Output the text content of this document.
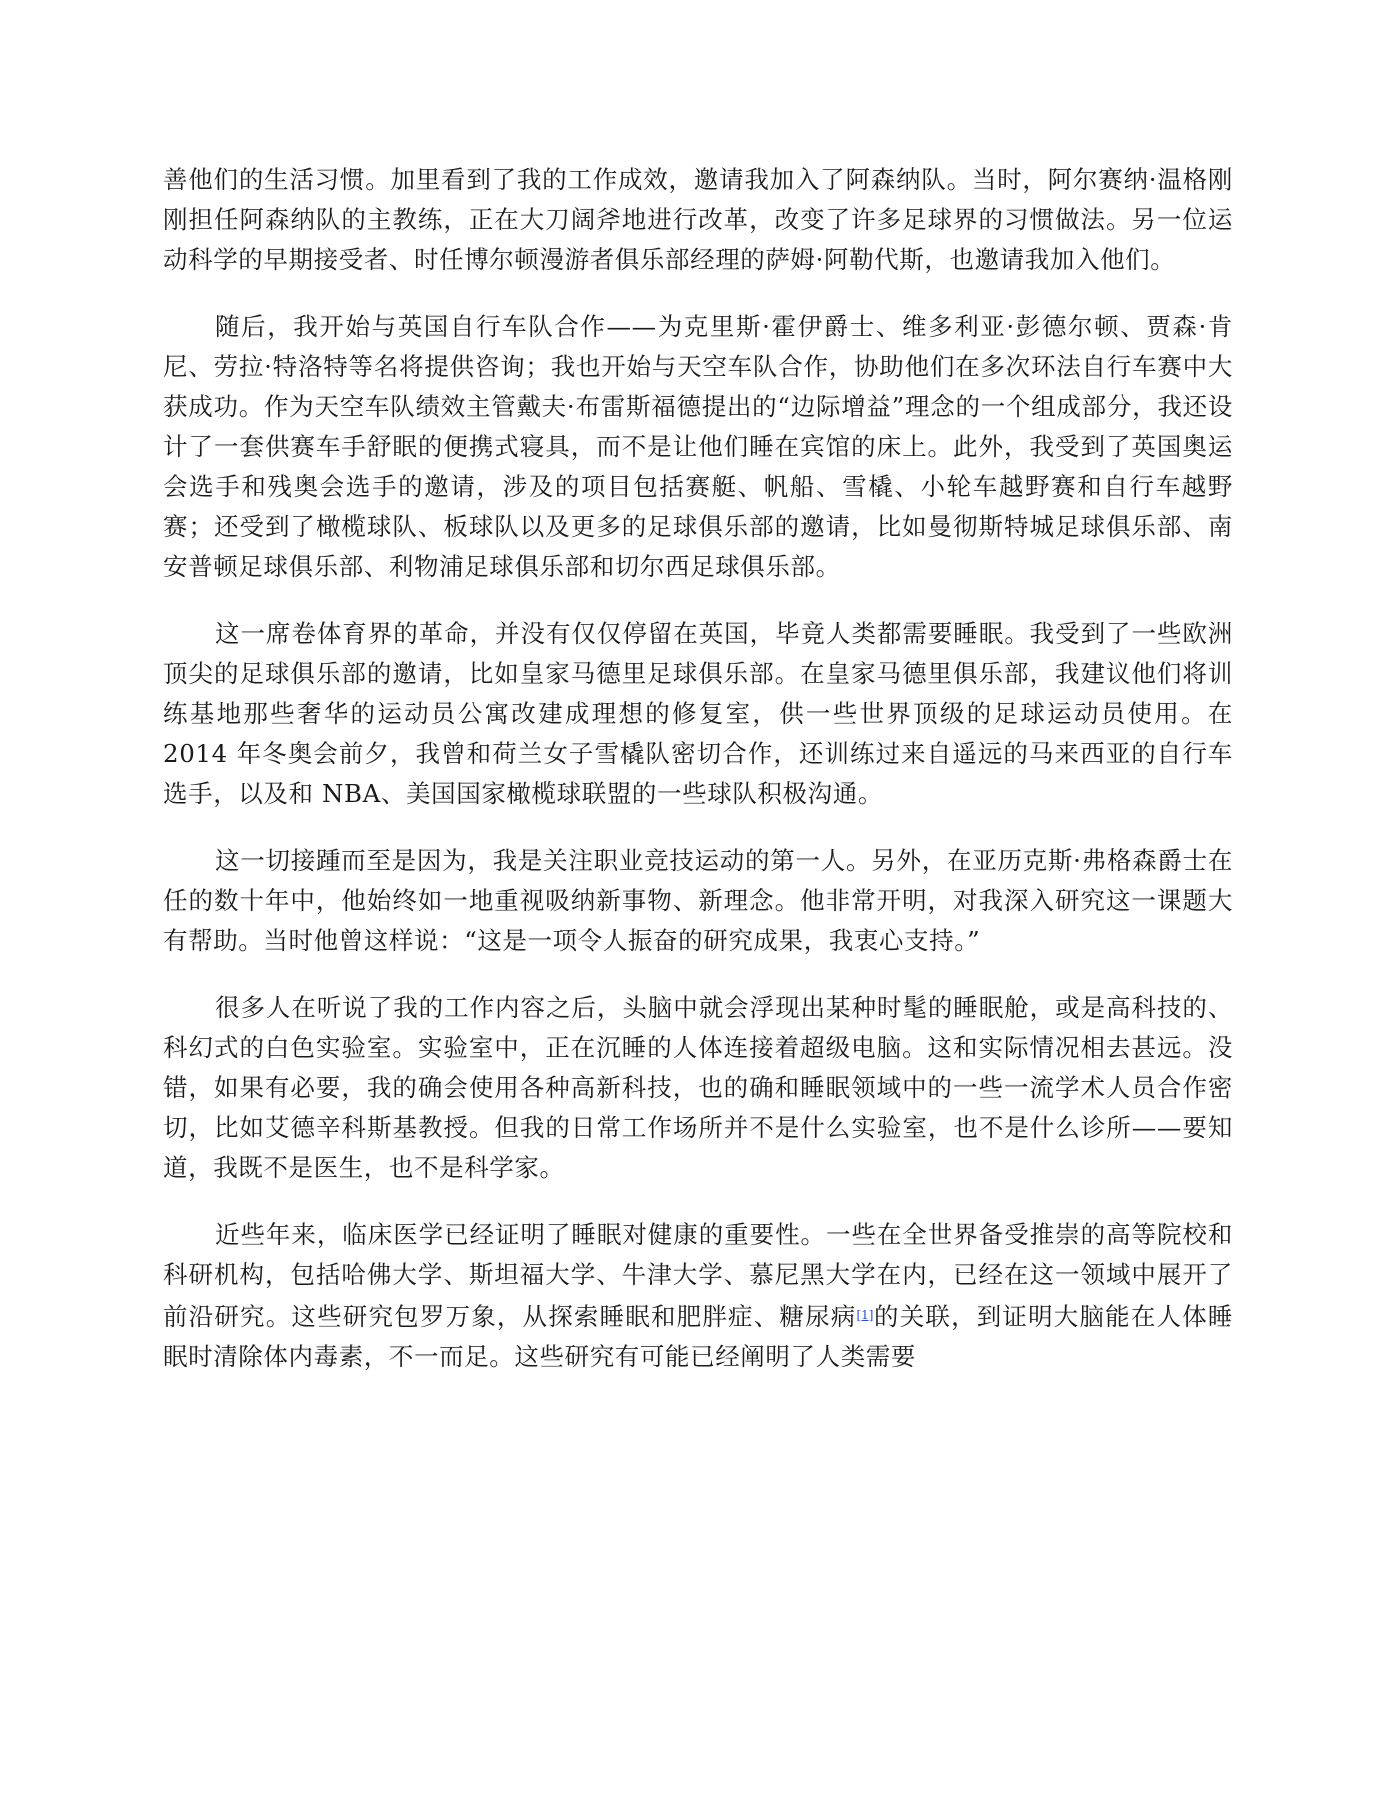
善他们的生活习惯。加里看到了我的工作成效，邀请我加入了阿森纳队。当时，阿尔赛纳·温格刚刚担任阿森纳队的主教练，正在大刀阔斧地进行改革，改变了许多足球界的习惯做法。另一位运动科学的早期接受者、时任博尔顿漫游者俱乐部经理的萨姆·阿勒代斯，也邀请我加入他们。

随后，我开始与英国自行车队合作——为克里斯·霍伊爵士、维多利亚·彭德尔顿、贾森·肯尼、劳拉·特洛特等名将提供咨询；我也开始与天空车队合作，协助他们在多次环法自行车赛中大获成功。作为天空车队绩效主管戴夫·布雷斯福德提出的“边际增益”理念的一个组成部分，我还设计了一套供赛车手舒眠的便携式寝具，而不是让他们睡在宾馆的床上。此外，我受到了英国奥运会选手和残奥会选手的邀请，涉及的项目包括赛艇、帆船、雪橇、小轮车越野赛和自行车越野赛；还受到了橄榄球队、板球队以及更多的足球俱乐部的邀请，比如曼彻斯特城足球俱乐部、南安普顿足球俱乐部、利物浦足球俱乐部和切尔西足球俱乐部。

这一席卷体育界的革命，并没有仅仅停留在英国，毕竟人类都需要睡眠。我受到了一些欧洲顶尖的足球俱乐部的邀请，比如皇家马德里足球俱乐部。在皇家马德里俱乐部，我建议他们将训练基地那些奢华的运动员公寓改建成理想的修复室，供一些世界顶级的足球运动员使用。在 2014 年冬奥会前夕，我曾和荷兰女子雪橇队密切合作，还训练过来自遥远的马来西亚的自行车选手，以及和 NBA、美国国家橄榄球联盟的一些球队积极沟通。

这一切接踵而至是因为，我是关注职业竞技运动的第一人。另外，在亚历克斯·弗格森爵士在任的数十年中，他始终如一地重视吸纳新事物、新理念。他非常开明，对我深入研究这一课题大有帮助。当时他曾这样说：“这是一项令人振奋的研究成果，我衷心支持。”

很多人在听说了我的工作内容之后，头脑中就会浮现出某种时髦的睡眠舱，或是高科技的、科幻式的白色实验室。实验室中，正在沉睡的人体连接着超级电脑。这和实际情况相去甚远。没错，如果有必要，我的确会使用各种高新科技，也的确和睡眠领域中的一些一流学术人员合作密切，比如艾德辛科斯基教授。但我的日常工作场所并不是什么实验室，也不是什么诊所——要知道，我既不是医生，也不是科学家。

近些年来，临床医学已经证明了睡眠对健康的重要性。一些在全世界备受推崇的高等院校和科研机构，包括哈佛大学、斯坦福大学、牛津大学、慕尼黑大学在内，已经在这一领域中展开了前沿研究。这些研究包罗万象，从探索睡眠和肥胖症、糖尿病[1]的关联，到证明大脑能在人体睡眠时清除体内毒素，不一而足。这些研究有可能已经阐明了人类需要
